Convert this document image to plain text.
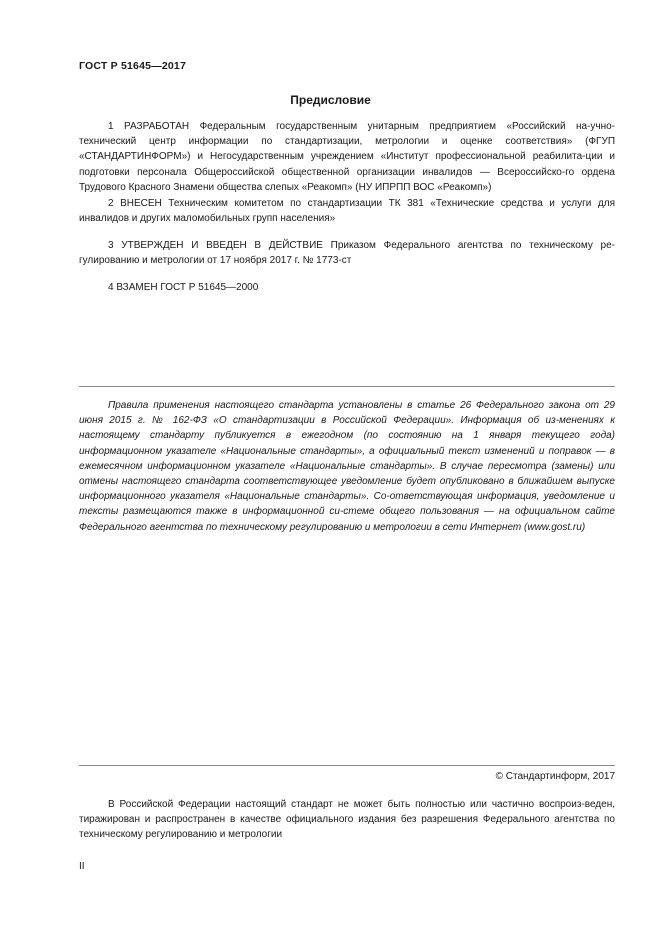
ГОСТ Р 51645—2017
Предисловие

1 РАЗРАБОТАН Федеральным государственным унитарным предприятием «Российский на-учно-технический центр информации по стандартизации, метрологии и оценке соответствия» (ФГУП «СТАНДАРТИНФОРМ») и Негосударственным учреждением «Институт профессиональной реабилита-ции и подготовки персонала Общероссийской общественной организации инвалидов — Всероссийско-го ордена Трудового Красного Знамени общества слепых «Реакомп» (НУ ИПРПП ВОС «Реакомп»)

2 ВНЕСЕН Техническим комитетом по стандартизации ТК 381 «Технические средства и услуги для инвалидов и других маломобильных групп населения»

3 УТВЕРЖДЕН И ВВЕДЕН В ДЕЙСТВИЕ Приказом Федерального агентства по техническому ре-гулированию и метрологии от 17 ноября 2017 г. № 1773-ст

4 ВЗАМЕН ГОСТ Р 51645—2000

Правила применения настоящего стандарта установлены в статье 26 Федерального закона от 29 июня 2015 г. № 162-ФЗ «О стандартизации в Российской Федерации». Информация об из-менениях к настоящему стандарту публикуется в ежегодном (по состоянию на 1 января текущего года) информационном указателе «Национальные стандарты», а официальный текст изменений и поправок — в ежемесячном информационном указателе «Национальные стандарты». В случае пересмотра (замены) или отмены настоящего стандарта соответствующее уведомление будет опубликовано в ближайшем выпуске информационного указателя «Национальные стандарты». Со-ответствующая информация, уведомление и тексты размещаются также в информационной си-стеме общего пользования — на официальном сайте Федерального агентства по техническому регулированию и метрологии в сети Интернет (www.gost.ru)

© Стандартинформ, 2017

В Российской Федерации настоящий стандарт не может быть полностью или частично воспроиз-веден, тиражирован и распространен в качестве официального издания без разрешения Федерального агентства по техническому регулированию и метрологии

II
